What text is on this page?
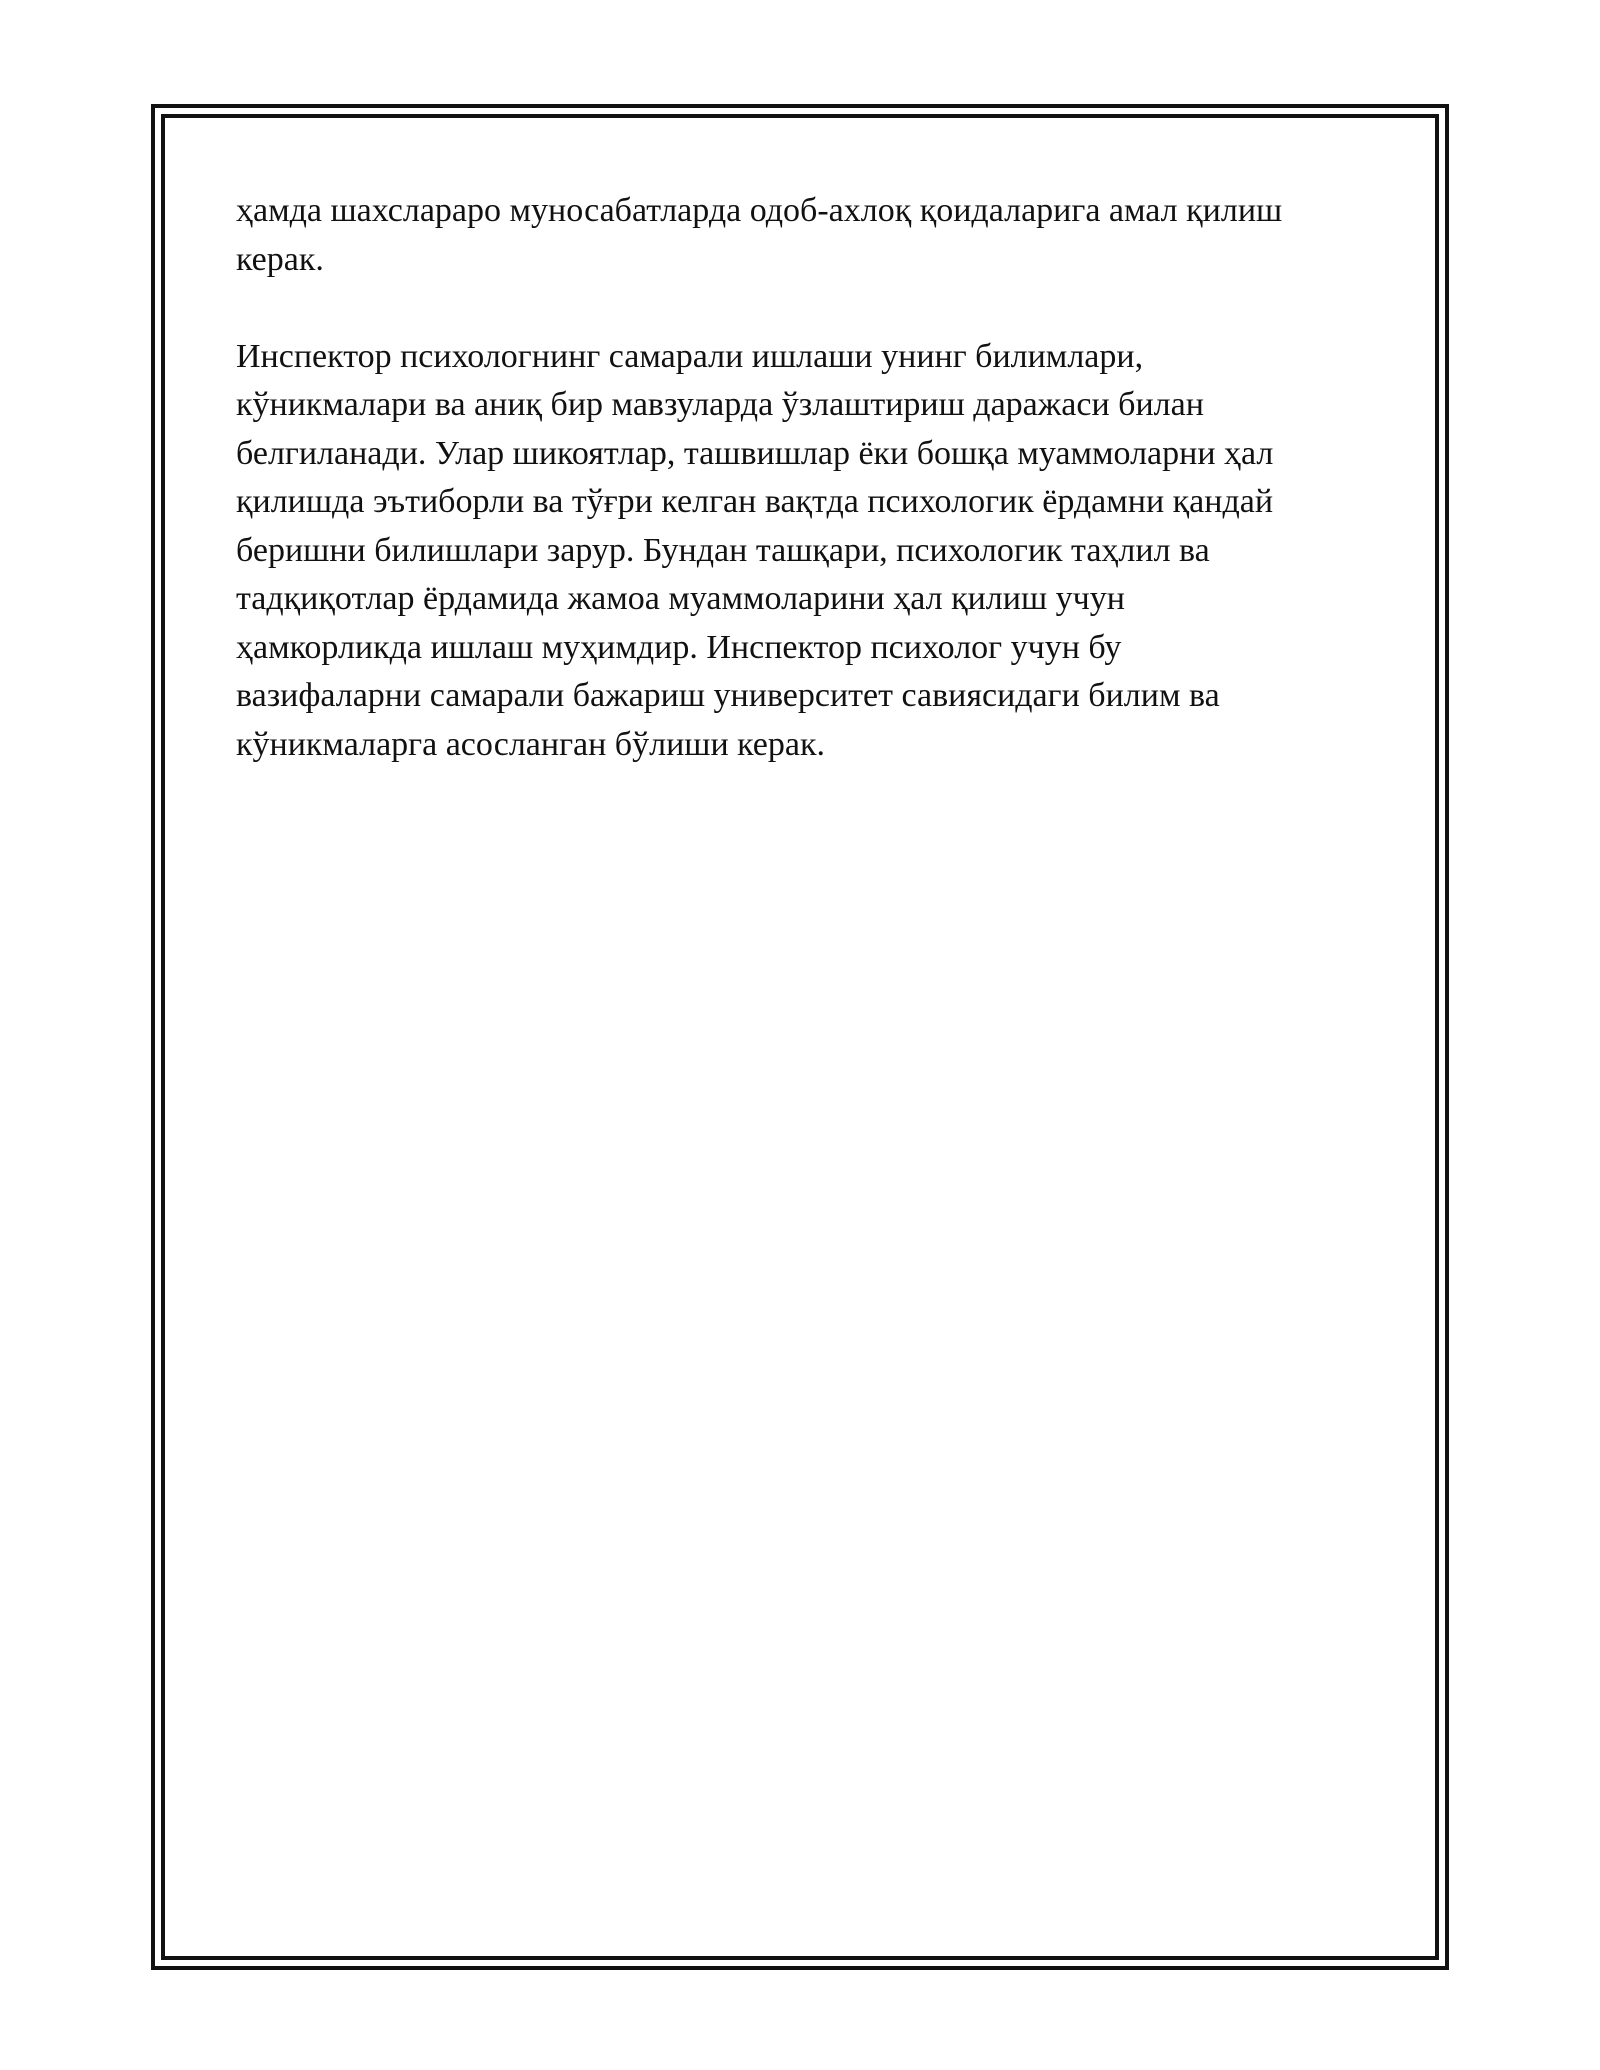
ҳамда шахслараро муносабатларда одоб-ахлоқ қоидаларига амал қилиш
керак.

Инспектор психологнинг самарали ишлаши унинг билимлари,
кўникмалари ва аниқ бир мавзуларда ўзлаштириш даражаси билан
белгиланади. Улар шикоятлар, ташвишлар ёки бошқа муаммоларни ҳал
қилишда эътиборли ва тўғри келган вақтда психологик ёрдамни қандай
беришни билишлари зарур. Бундан ташқари, психологик таҳлил ва
тадқиқотлар ёрдамида жамоа муаммоларини ҳал қилиш учун
ҳамкорликда ишлаш муҳимдир. Инспектор психолог учун бу
вазифаларни самарали бажариш университет савиясидаги билим ва
кўникмаларга асосланган бўлиши керак.
